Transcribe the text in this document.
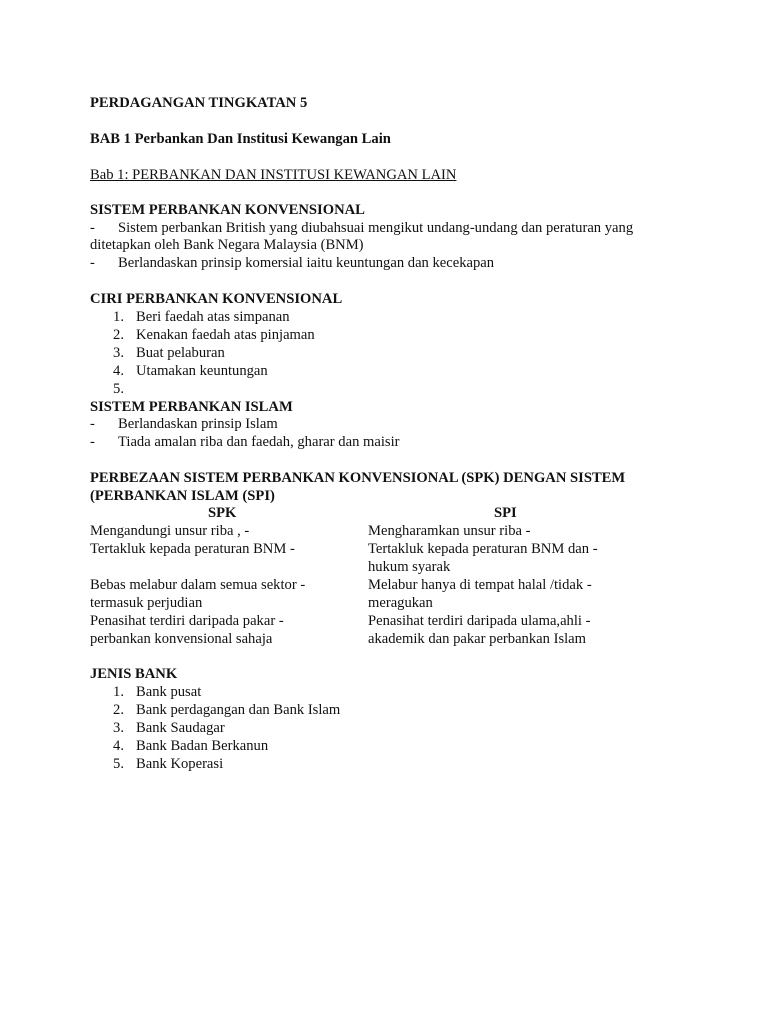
PERDAGANGAN TINGKATAN 5
BAB 1 Perbankan Dan Institusi Kewangan Lain
Bab 1: PERBANKAN DAN INSTITUSI KEWANGAN LAIN
SISTEM PERBANKAN KONVENSIONAL
- Sistem perbankan British yang diubahsuai mengikut undang-undang dan peraturan yang
ditetapkan oleh Bank Negara Malaysia (BNM)
- Berlandaskan prinsip komersial iaitu keuntungan dan kecekapan
CIRI PERBANKAN KONVENSIONAL
1. Beri faedah atas simpanan
2. Kenakan faedah atas pinjaman
3. Buat pelaburan
4. Utamakan keuntungan
5.
SISTEM PERBANKAN ISLAM
- Berlandaskan prinsip Islam
- Tiada amalan riba dan faedah, gharar dan maisir
PERBEZAAN SISTEM PERBANKAN KONVENSIONAL (SPK) DENGAN SISTEM
(PERBANKAN ISLAM (SPI)
SPK	SPI
Mengandungi unsur riba , -
Tertakluk kepada peraturan BNM -
Bebas melabur dalam semua sektor -
termasuk perjudian
Penasihat terdiri daripada pakar -
perbankan konvensional sahaja
Mengharamkan unsur riba -
Tertakluk kepada peraturan BNM dan -
hukum syarak
Melabur hanya di tempat halal /tidak -
meragukan
Penasihat terdiri daripada ulama,ahli -
akademik dan pakar perbankan Islam
JENIS BANK
1. Bank pusat
2. Bank perdagangan dan Bank Islam
3. Bank Saudagar
4. Bank Badan Berkanun
5. Bank Koperasi
